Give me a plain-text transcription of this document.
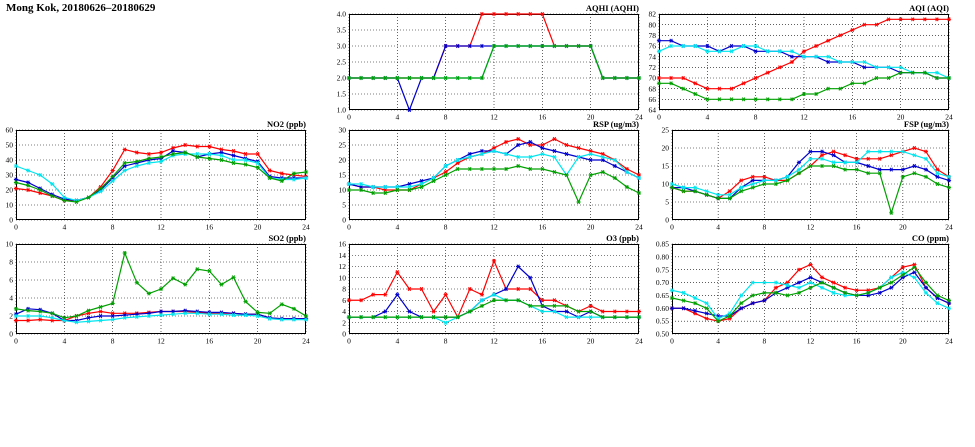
Mong Kok, 20180626–20180629	AQHI (AQHI)
1.0
1.5
2.0
2.5
3.0
3.5
4.0
0	4	8	12	16	20	24
AQI (AQI)
64
66
68
70
72
74
76
78
80
82
0	4	8	12	16	20	24
NO2 (ppb)
0
10
20
30
40
50
60
0	4	8	12	16	20	24
RSP (ug/m3)
0
5
10
15
20
25
30
0	4	8	12	16	20	24
FSP (ug/m3)
0
5
10
15
20
25
0	4	8	12	16	20	24
SO2 (ppb)
0
2
4
6
8
10
0	4	8	12	16	20	24
O3 (ppb)
0
2
4
6
8
10
12
14
16
0	4	8	12	16	20	24
CO (ppm)
0.50
0.55
0.60
0.65
0.70
0.75
0.80
0.85
0	4	8	12	16	20	24
